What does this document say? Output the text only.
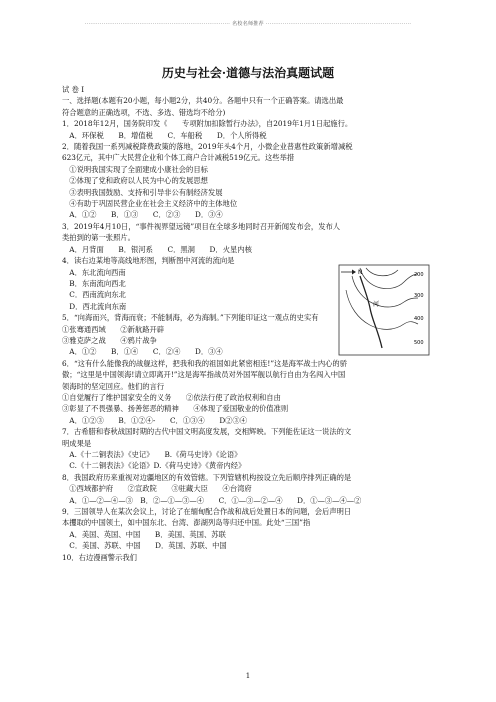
············································································· 名校名师推荐 ·············································································
历史与社会·道德与法治真题试题

试 卷 Ⅰ

一、选择题(本题有20小题，每小题2分，共40分。各题中只有一个正确答案。请选出最

符合题意的正确选项，不选、多选、错选均不给分)

1．2018年12月，国务院印发《　　专项附加扣除暂行办法》，自2019年1月1日起施行。

　A．环保税　　B．增值税　　C．车船税　　D．个人所得税

2．随着我国一系列减税降费政策的落地，2019年头4个月，小微企业普惠性政策新增减税

623亿元，其中广大民营企业和个体工商户合计减税519亿元。这些举措

　①说明我国实现了全面建成小康社会的目标

　②体现了党和政府以人民为中心的发展思想

　③表明我国鼓励、支持和引导非公有制经济发展

　④有助于巩固民营企业在社会主义经济中的主体地位

　A．①②　　B．①③　　C．②③　　D．③④

3．2019年4月10日，“事件视界望远镜”项目在全球多地同时召开新闻发布会，发布人

类拍到的第一张照片。

　A．月背面　　B．银河系　　C．黑洞　　D．火星内核

4．读右边某地等高线地形图，判断图中河流的流向是

　A．东北流向西南

　B．东南流向西北

　C．西南流向东北

　D．西北流向东南

5．“向海而兴，背海而衰；不能制海，必为海制。”下列能印证这一观点的史实有

①张骞通西域　　②新航路开辟

③雅克萨之战　　④鸦片战争

　A．①②　　B．①④　　C．②④　　D．③④

6．“这有什么能像我的战舰这样，把我和我的祖国如此紧密相连!”这是海军战士内心的骄

傲；“这里是中国领海!请立即离开!”这是海军指战员对外国军舰以航行自由为名闯入中国

领海时的坚定回应。他们的言行

①自觉履行了维护国家安全的义务　　②依法行使了政治权利和自由

③彰显了不畏强暴、扬善惩恶的精神　　④体现了爱国敬业的价值准则

　A．①②③　　B．①②④-　　C．①③④　　D②③④

7．古希腊和春秋战国时期的古代中国文明高度发展，交相辉映。下列能佐证这一说法的文

明成果是

　A.《十二铜表法》《史记》　　B.《荷马史诗》《论语》

　C.《十二铜表法》《论语》D.《荷马史诗》《黄帝内经》

8．我国政府历来重视对边疆地区的有效管辖。下列管辖机构按设立先后顺序排列正确的是

　①西域都护府　　②宣政院　　③驻藏大臣　　④台湾府

　A．①—②—④—③　B．②—①—③—④　　C．①—③—②—④　　D．①—③—④—②

9．三国领导人在某次会议上，讨论了在缅甸配合作战和战后处置日本的问题，会后声明日

本攫取的中国领土，如中国东北、台湾、澎湖列岛等归还中国。此处“三国”指

　A．美国、英国、中国　　B．美国、英国、苏联

　C．美国、苏联、中国　　D．英国、苏联、中国

10．右边漫画警示我们

N
河
200
300
400
500
1
